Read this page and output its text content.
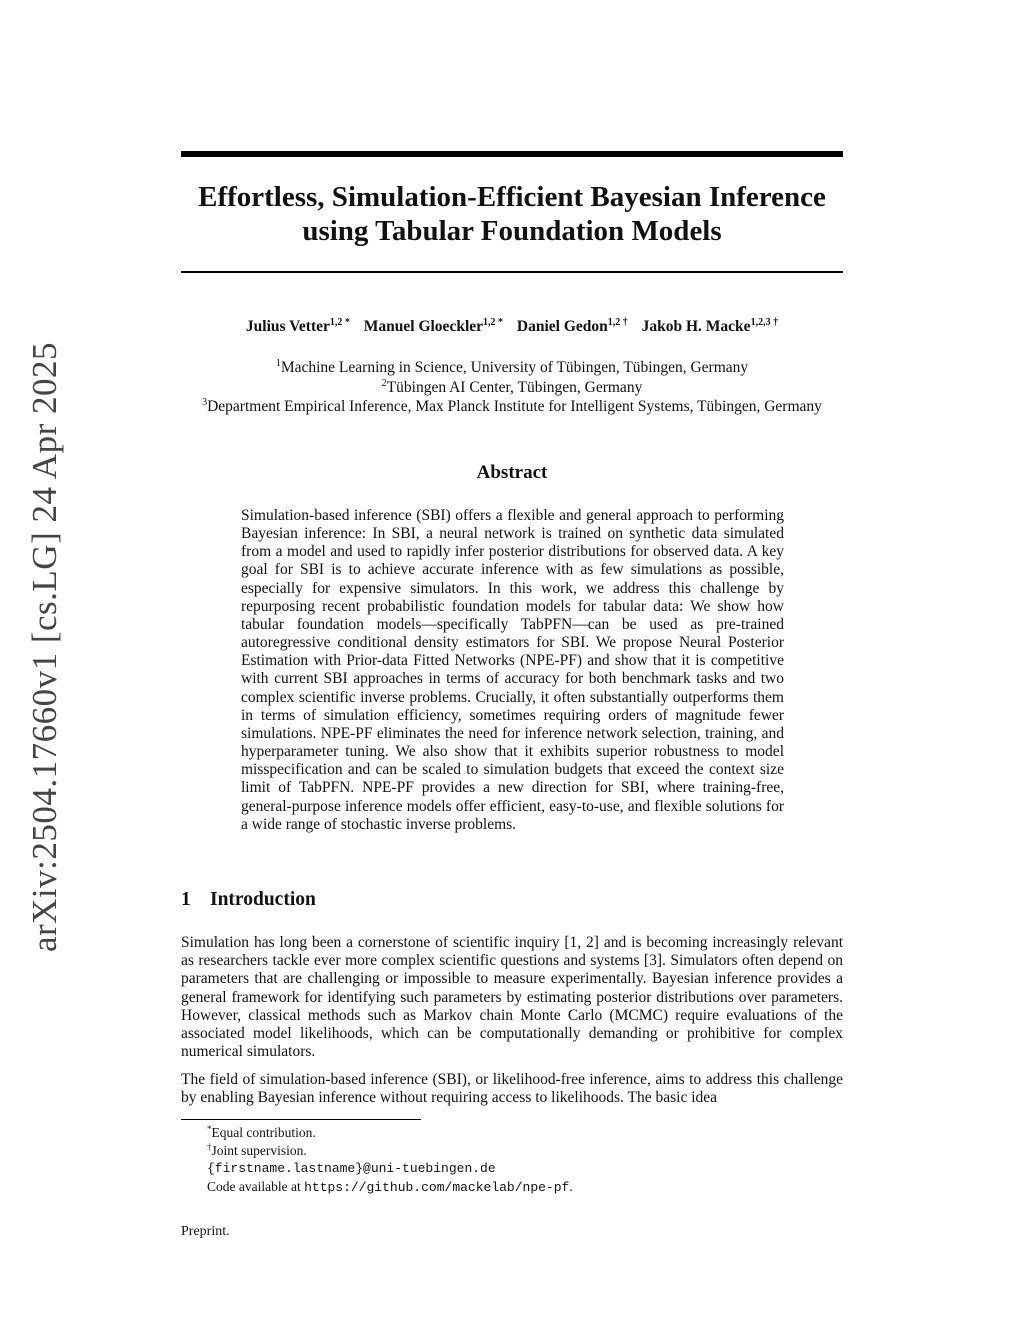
arXiv:2504.17660v1 [cs.LG] 24 Apr 2025
Effortless, Simulation-Efficient Bayesian Inference
using Tabular Foundation Models
Julius Vetter$^{1,2 *}$ Manuel Gloeckler$^{1,2 *}$ Daniel Gedon$^{1,2 \dagger}$ Jakob H. Macke$^{1,2,3 \dagger}$
$^1$Machine Learning in Science, University of Tübingen, Tübingen, Germany
$^2$Tübingen AI Center, Tübingen, Germany
$^3$Department Empirical Inference, Max Planck Institute for Intelligent Systems, Tübingen, Germany
Abstract

Simulation-based inference (SBI) offers a flexible and general approach to performing Bayesian inference: In SBI, a neural network is trained on synthetic data simulated from a model and used to rapidly infer posterior distributions for observed data. A key goal for SBI is to achieve accurate inference with as few simulations as possible, especially for expensive simulators. In this work, we address this challenge by repurposing recent probabilistic foundation models for tabular data: We show how tabular foundation models—specifically TabPFN—can be used as pre-trained autoregressive conditional density estimators for SBI. We propose Neural Posterior Estimation with Prior-data Fitted Networks (NPE-PF) and show that it is competitive with current SBI approaches in terms of accuracy for both benchmark tasks and two complex scientific inverse problems. Crucially, it often substantially outperforms them in terms of simulation efficiency, sometimes requiring orders of magnitude fewer simulations. NPE-PF eliminates the need for inference network selection, training, and hyperparameter tuning. We also show that it exhibits superior robustness to model misspecification and can be scaled to simulation budgets that exceed the context size limit of TabPFN. NPE-PF provides a new direction for SBI, where training-free, general-purpose inference models offer efficient, easy-to-use, and flexible solutions for a wide range of stochastic inverse problems.

1 Introduction

Simulation has long been a cornerstone of scientific inquiry [1, 2] and is becoming increasingly relevant as researchers tackle ever more complex scientific questions and systems [3]. Simulators often depend on parameters that are challenging or impossible to measure experimentally. Bayesian inference provides a general framework for identifying such parameters by estimating posterior distributions over parameters. However, classical methods such as Markov chain Monte Carlo (MCMC) require evaluations of the associated model likelihoods, which can be computationally demanding or prohibitive for complex numerical simulators.

The field of simulation-based inference (SBI), or likelihood-free inference, aims to address this challenge by enabling Bayesian inference without requiring access to likelihoods. The basic idea

*Equal contribution.
†Joint supervision.
{firstname.lastname}@uni-tuebingen.de
Code available at https://github.com/mackelab/npe-pf.
Preprint.
